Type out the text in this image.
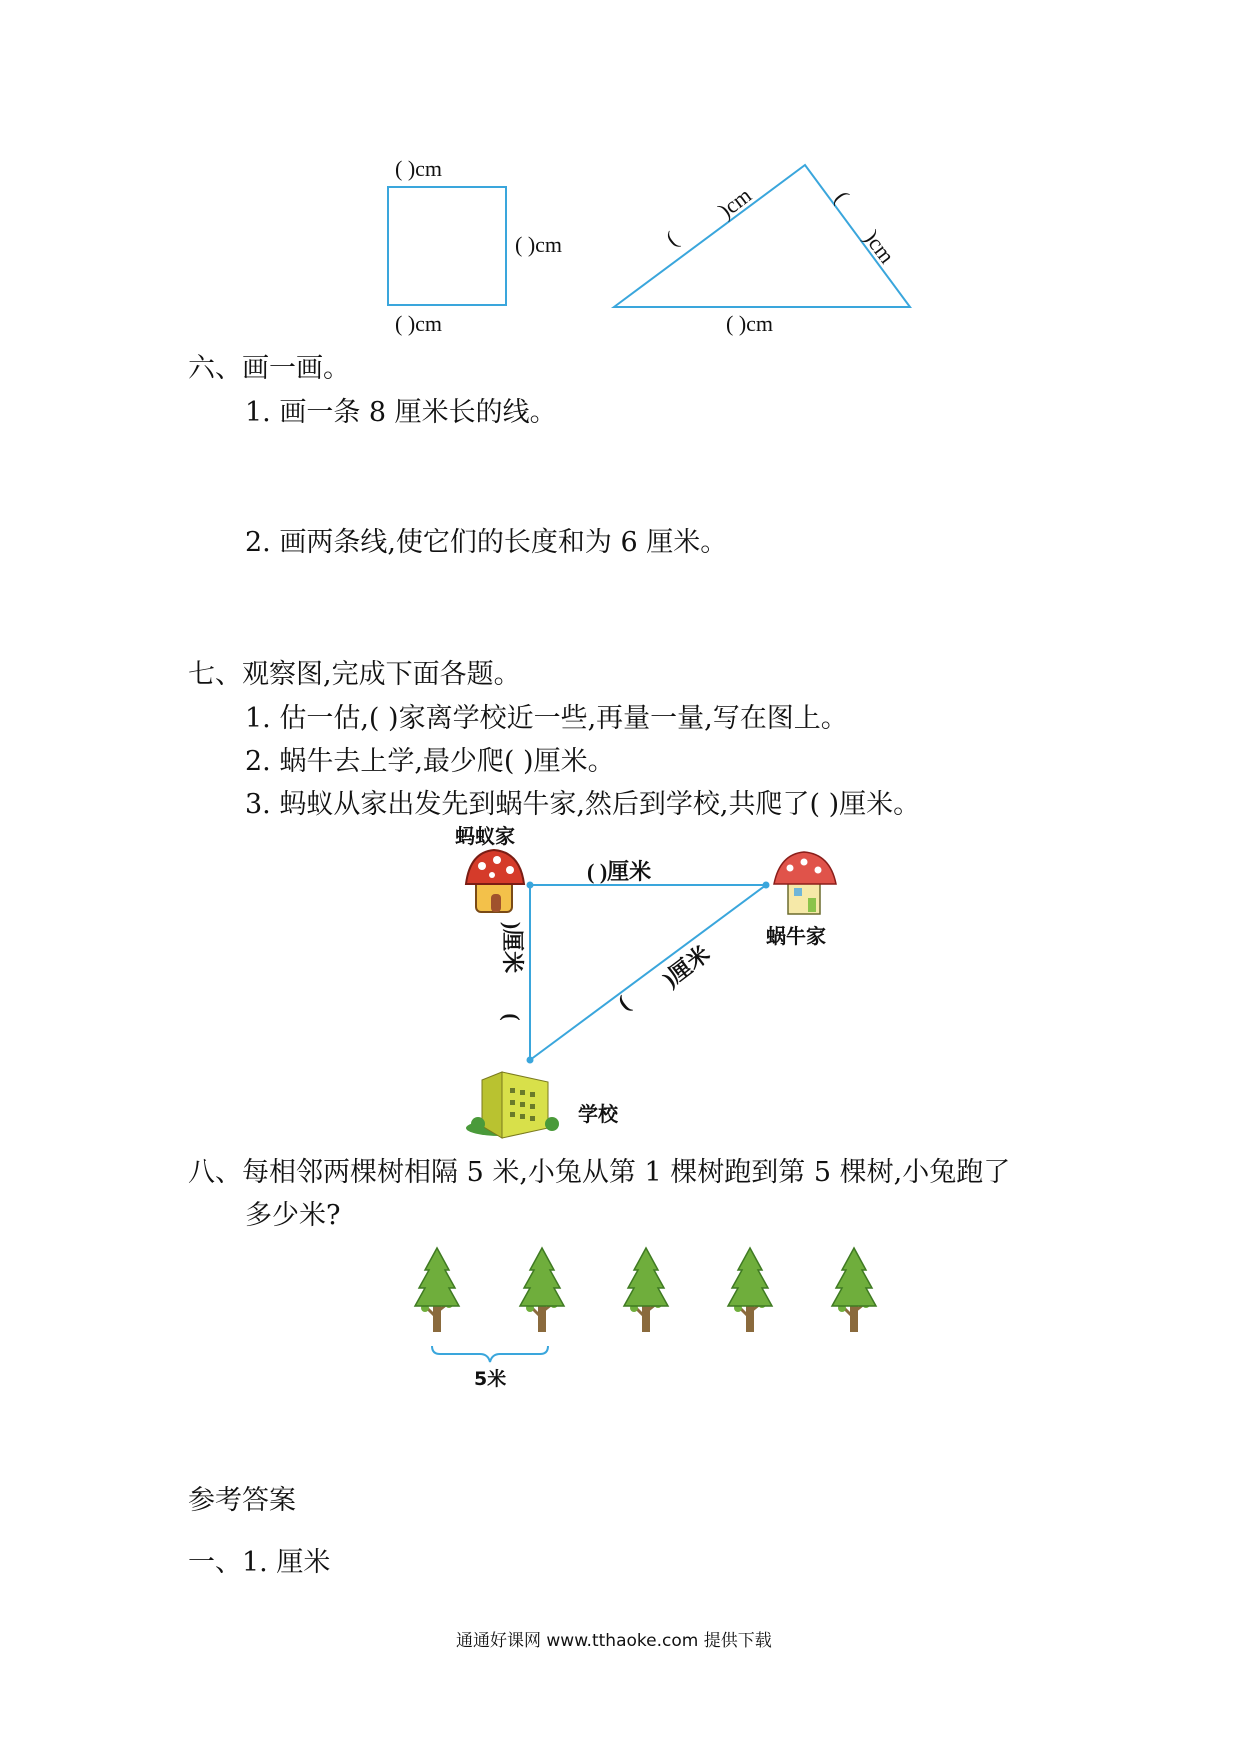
( )cm
( )cm
( )cm
(
)cm	(
)cm
( )cm
六、画一画。
1. 画一条 8 厘米长的线。
2. 画两条线,使它们的长度和为 6 厘米。
七、观察图,完成下面各题。
1. 估一估,( )家离学校近一些,再量一量,写在图上。
2. 蜗牛去上学,最少爬( )厘米。
3. 蚂蚁从家出发先到蜗牛家,然后到学校,共爬了( )厘米。
蚂蚁家
蜗牛家
学校
( )厘米
(
)厘米
(
)厘米
八、每相邻两棵树相隔 5 米,小兔从第 1 棵树跑到第 5 棵树,小兔跑了
多少米?
5米
参考答案
一、1. 厘米
通通好课网 www.tthaoke.com 提供下载
